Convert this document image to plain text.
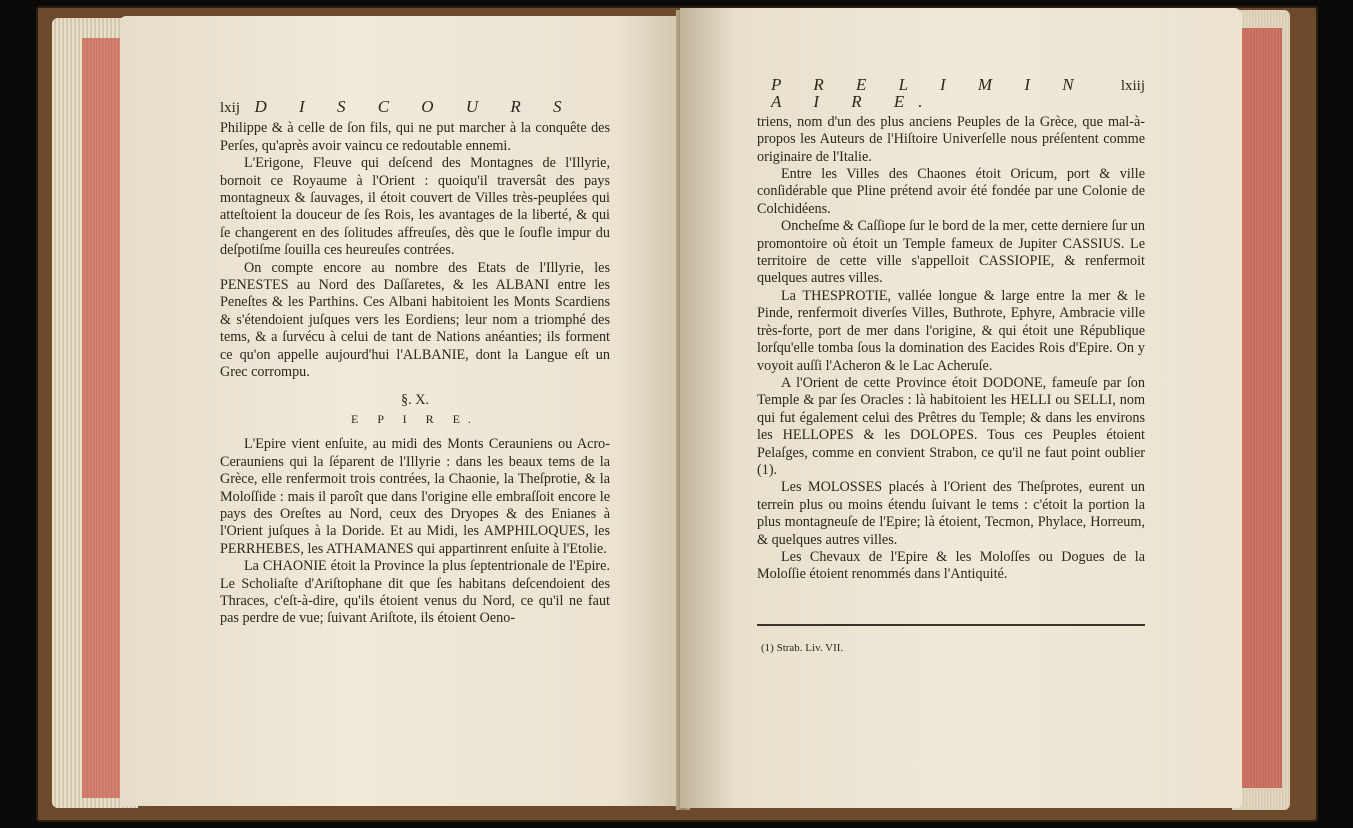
lxij D I S C O U R S

Philippe & à celle de ſon fils, qui ne put marcher à la conquête des Perſes, qu'après avoir vaincu ce redoutable ennemi.

L'Erigone, Fleuve qui deſcend des Montagnes de l'Illyrie, bornoit ce Royaume à l'Orient : quoiqu'il traversât des pays montagneux & ſauvages, il étoit couvert de Villes très-peuplées qui atteſtoient la douceur de ſes Rois, les avantages de la liberté, & qui ſe changerent en des ſolitudes affreuſes, dès que le ſoufle impur du deſpotiſme ſouilla ces heureuſes contrées.

On compte encore au nombre des Etats de l'Illyrie, les PENESTES au Nord des Daſſaretes, & les ALBANI entre les Peneſtes & les Parthins. Ces Albani habitoient les Monts Scardiens & s'étendoient juſques vers les Eordiens; leur nom a triomphé des tems, & a ſurvécu à celui de tant de Nations anéanties; ils forment ce qu'on appelle aujourd'hui l'ALBANIE, dont la Langue eſt un Grec corrompu.

§. X.
E P I R E.

L'Epire vient enſuite, au midi des Monts Cerauniens ou Acro-Cerauniens qui la ſéparent de l'Illyrie : dans les beaux tems de la Grèce, elle renfermoit trois contrées, la Chaonie, la Theſprotie, & la Moloſſide : mais il paroît que dans l'origine elle embraſſoit encore le pays des Oreſtes au Nord, ceux des Dryopes & des Enianes à l'Orient juſques à la Doride. Et au Midi, les AMPHILOQUES, les PERRHEBES, les ATHAMANES qui appartinrent enſuite à l'Etolie.

La CHAONIE étoit la Province la plus ſeptentrionale de l'Epire. Le Scholiaſte d'Ariſtophane dit que ſes habitans deſcendoient des Thraces, c'eſt-à-dire, qu'ils étoient venus du Nord, ce qu'il ne faut pas perdre de vue; ſuivant Ariſtote, ils étoient Oeno-

P R E L I M I N A I R E.
lxiij

triens, nom d'un des plus anciens Peuples de la Grèce, que mal-à-propos les Auteurs de l'Hiſtoire Univerſelle nous préſentent comme originaire de l'Italie.

Entre les Villes des Chaones étoit Oricum, port & ville conſidérable que Pline prétend avoir été fondée par une Colonie de Colchidéens.

Oncheſme & Caſſiope ſur le bord de la mer, cette derniere ſur un promontoire où étoit un Temple fameux de Jupiter CASSIUS. Le territoire de cette ville s'appelloit CASSIOPIE, & renfermoit quelques autres villes.

La THESPROTIE, vallée longue & large entre la mer & le Pinde, renfermoit diverſes Villes, Buthrote, Ephyre, Ambracie ville très-forte, port de mer dans l'origine, & qui étoit une République lorſqu'elle tomba ſous la domination des Eacides Rois d'Epire. On y voyoit auſſi l'Acheron & le Lac Acheruſe.

A l'Orient de cette Province étoit DODONE, fameuſe par ſon Temple & par ſes Oracles : là habitoient les HELLI ou SELLI, nom qui fut également celui des Prêtres du Temple; & dans les environs les HELLOPES & les DOLOPES. Tous ces Peuples étoient Pelaſges, comme en convient Strabon, ce qu'il ne faut point oublier (1).

Les MOLOSSES placés à l'Orient des Theſprotes, eurent un terrein plus ou moins étendu ſuivant le tems : c'étoit la portion la plus montagneuſe de l'Epire; là étoient, Tecmon, Phylace, Horreum, & quelques autres villes.

Les Chevaux de l'Epire & les Moloſſes ou Dogues de la Moloſſie étoient renommés dans l'Antiquité.

(1) Strab. Liv. VII.
